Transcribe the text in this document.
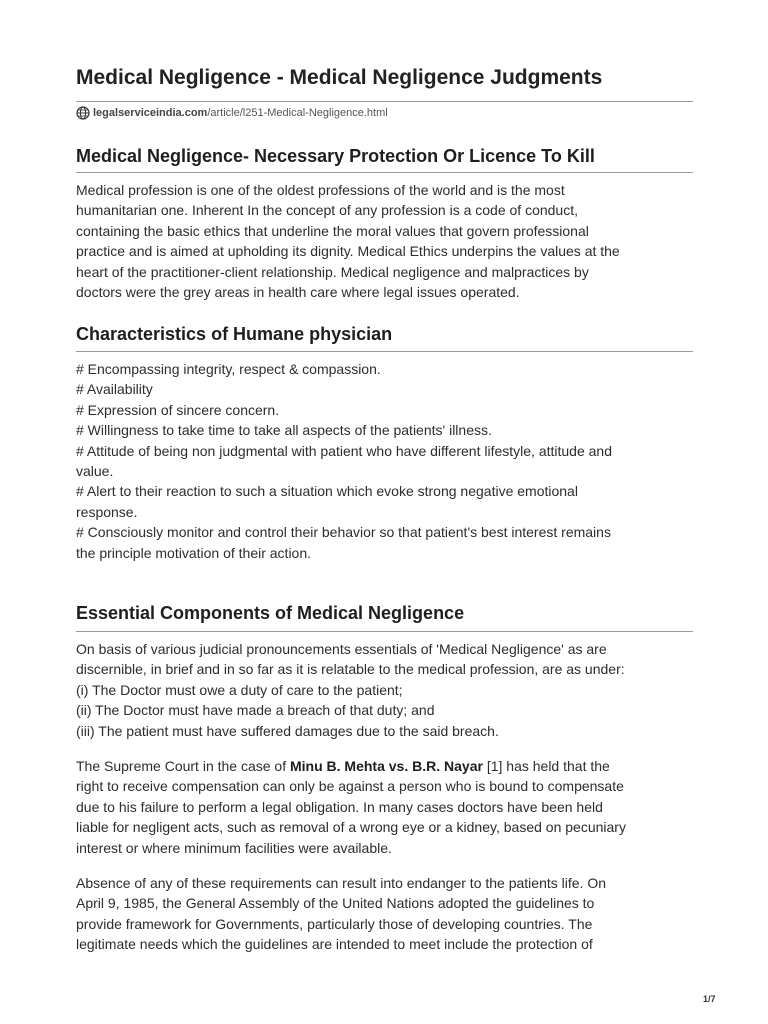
Medical Negligence - Medical Negligence Judgments
legalserviceindia.com /article/l251-Medical-Negligence.html
Medical Negligence- Necessary Protection Or Licence To Kill
Medical profession is one of the oldest professions of the world and is the most
humanitarian one. Inherent In the concept of any profession is a code of conduct,
containing the basic ethics that underline the moral values that govern professional
practice and is aimed at upholding its dignity. Medical Ethics underpins the values at the
heart of the practitioner-client relationship. Medical negligence and malpractices by
doctors were the grey areas in health care where legal issues operated.
Characteristics of Humane physician
# Encompassing integrity, respect & compassion.
# Availability
# Expression of sincere concern.
# Willingness to take time to take all aspects of the patients' illness.
# Attitude of being non judgmental with patient who have different lifestyle, attitude and
value.
# Alert to their reaction to such a situation which evoke strong negative emotional
response.
# Consciously monitor and control their behavior so that patient's best interest remains
the principle motivation of their action.
Essential Components of Medical Negligence
On basis of various judicial pronouncements essentials of 'Medical Negligence' as are
discernible, in brief and in so far as it is relatable to the medical profession, are as under:
(i) The Doctor must owe a duty of care to the patient;
(ii) The Doctor must have made a breach of that duty; and
(iii) The patient must have suffered damages due to the said breach.
The Supreme Court in the case of Minu B. Mehta vs. B.R. Nayar [1] has held that the
right to receive compensation can only be against a person who is bound to compensate
due to his failure to perform a legal obligation. In many cases doctors have been held
liable for negligent acts, such as removal of a wrong eye or a kidney, based on pecuniary
interest or where minimum facilities were available.
Absence of any of these requirements can result into endanger to the patients life. On
April 9, 1985, the General Assembly of the United Nations adopted the guidelines to
provide framework for Governments, particularly those of developing countries. The
legitimate needs which the guidelines are intended to meet include the protection of
1/7
